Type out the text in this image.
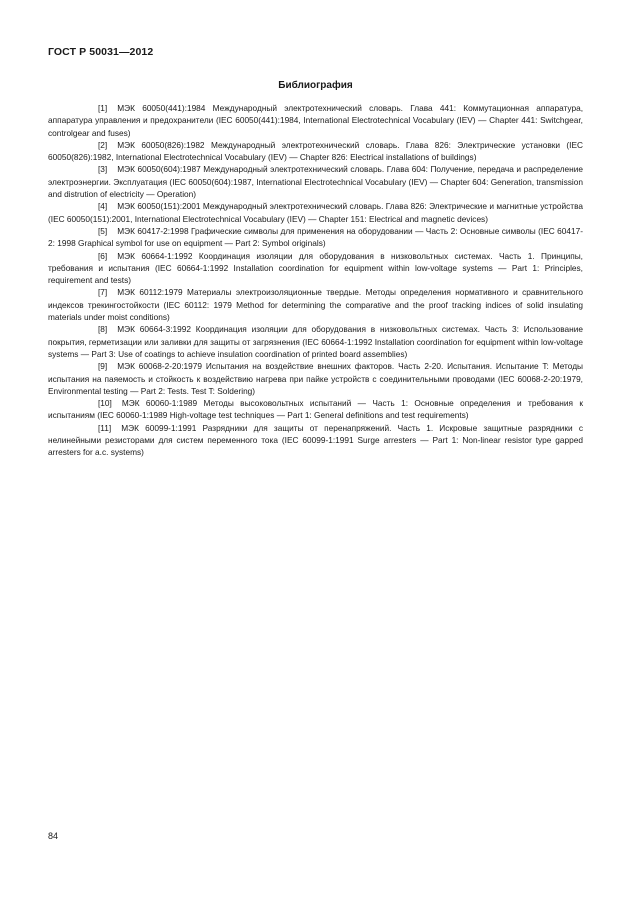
ГОСТ Р 50031—2012
Библиография

[1] МЭК 60050(441):1984 Международный электротехнический словарь. Глава 441: Коммутационная аппаратура, аппаратура управления и предохранители (IEC 60050(441):1984, International Electrotechnical Vocabulary (IEV) — Chapter 441: Switchgear, controlgear and fuses)

[2] МЭК 60050(826):1982 Международный электротехнический словарь. Глава 826: Электрические установки (IEC 60050(826):1982, International Electrotechnical Vocabulary (IEV) — Chapter 826: Electrical installations of buildings)

[3] МЭК 60050(604):1987 Международный электротехнический словарь. Глава 604: Получение, передача и распределение электроэнергии. Эксплуатация (IEC 60050(604):1987, International Electrotechnical Vocabulary (IEV) — Chapter 604: Generation, transmission and distrution of electricity — Operation)

[4] МЭК 60050(151):2001 Международный электротехнический словарь. Глава 826: Электрические и магнитные устройства (IEC 60050(151):2001, International Electrotechnical Vocabulary (IEV) — Chapter 151: Electrical and magnetic devices)

[5] МЭК 60417-2:1998 Графические символы для применения на оборудовании — Часть 2: Основные символы (IEC 60417-2: 1998 Graphical symbol for use on equipment — Part 2: Symbol originals)

[6] МЭК 60664-1:1992 Координация изоляции для оборудования в низковольтных системах. Часть 1. Принципы, требования и испытания (IEC 60664-1:1992 Installation coordination for equipment within low-voltage systems — Part 1: Principles, requirement and tests)

[7] МЭК 60112:1979 Материалы электроизоляционные твердые. Методы определения нормативного и сравнительного индексов трекингостойкости (IEC 60112: 1979 Method for determining the comparative and the proof tracking indices of solid insulating materials under moist conditions)

[8] МЭК 60664-3:1992 Координация изоляции для оборудования в низковольтных системах. Часть 3: Использование покрытия, герметизации или заливки для защиты от загрязнения (IEC 60664-1:1992 Installation coordination for equipment within low-voltage systems — Part 3: Use of coatings to achieve insulation coordination of printed board assemblies)

[9] МЭК 60068-2-20:1979 Испытания на воздействие внешних факторов. Часть 2-20. Испытания. Испытание T: Методы испытания на паяемость и стойкость к воздействию нагрева при пайке устройств с соединительными проводами (IEC 60068-2-20:1979, Environmental testing — Part 2: Tests. Test T: Soldering)

[10] МЭК 60060-1:1989 Методы высоковольтных испытаний — Часть 1: Основные определения и требования к испытаниям (IEC 60060-1:1989 High-voltage test techniques — Part 1: General definitions and test requirements)

[11] МЭК 60099-1:1991 Разрядники для защиты от перенапряжений. Часть 1. Искровые защитные разрядники с нелинейными резисторами для систем переменного тока (IEC 60099-1:1991 Surge arresters — Part 1: Non-linear resistor type gapped arresters for a.c. systems)

84
